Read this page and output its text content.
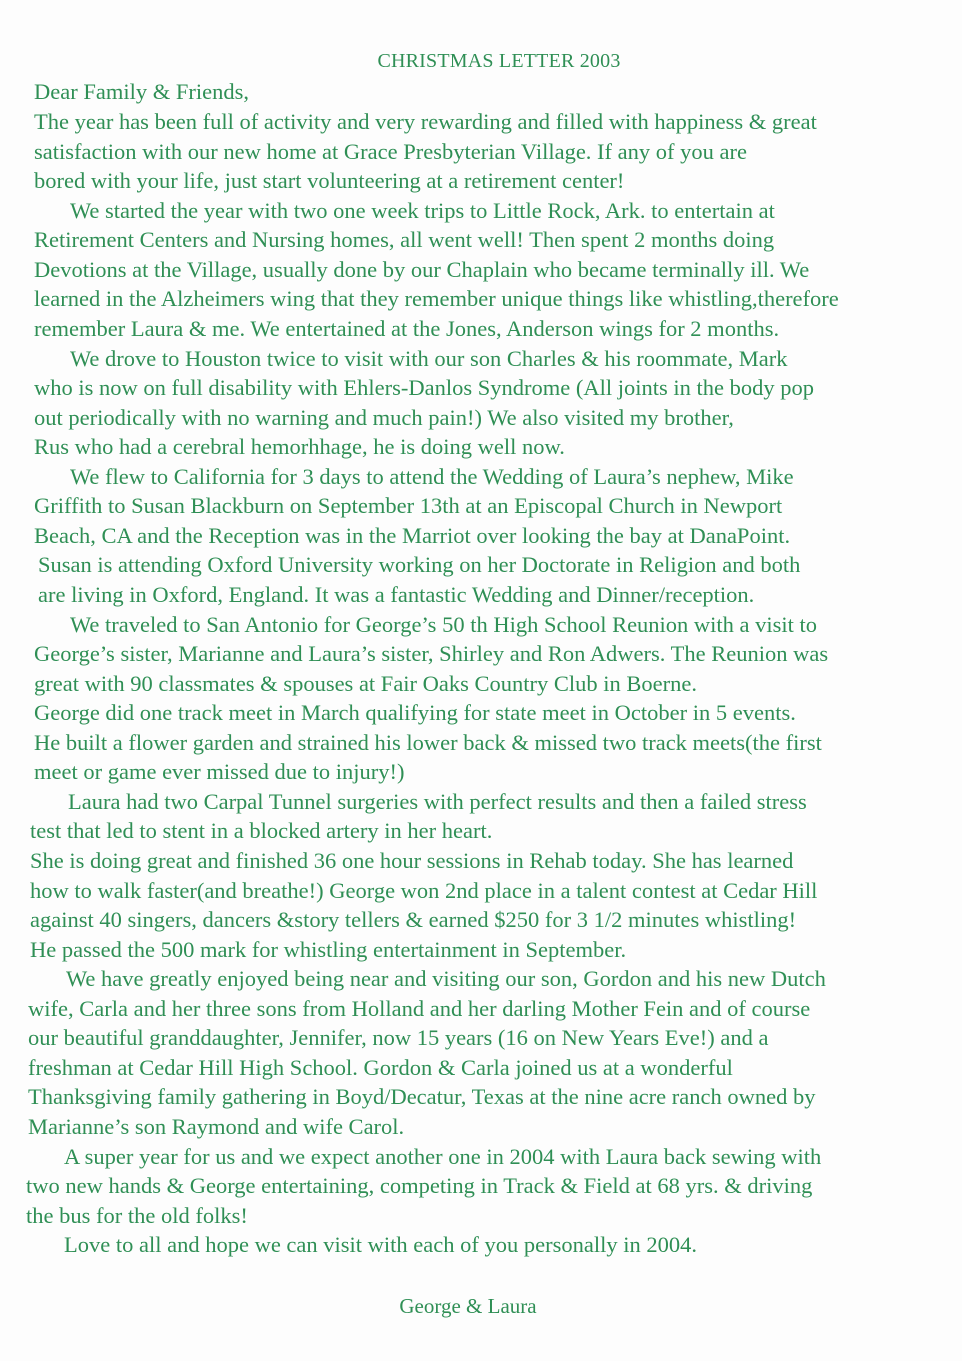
CHRISTMAS LETTER 2003
Dear Family & Friends,
The year has been full of activity and very rewarding and filled with happiness & great
satisfaction with our new home at Grace Presbyterian Village. If any of you are
bored with your life, just start volunteering at a retirement center!
We started the year with two one week trips to Little Rock, Ark. to entertain at
Retirement Centers and Nursing homes, all went well! Then spent 2 months doing
Devotions at the Village, usually done by our Chaplain who became terminally ill. We
learned in the Alzheimers wing that they remember unique things like whistling,therefore
remember Laura & me. We entertained at the Jones, Anderson wings for 2 months.
We drove to Houston twice to visit with our son Charles & his roommate, Mark
who is now on full disability with Ehlers-Danlos Syndrome (All joints in the body pop
out periodically with no warning and much pain!) We also visited my brother,
Rus who had a cerebral hemorhhage, he is doing well now.
We flew to California for 3 days to attend the Wedding of Laura’s nephew, Mike
Griffith to Susan Blackburn on September 13th at an Episcopal Church in Newport
Beach, CA and the Reception was in the Marriot over looking the bay at DanaPoint.
Susan is attending Oxford University working on her Doctorate in Religion and both
are living in Oxford, England. It was a fantastic Wedding and Dinner/reception.
We traveled to San Antonio for George’s 50 th High School Reunion with a visit to
George’s sister, Marianne and Laura’s sister, Shirley and Ron Adwers. The Reunion was
great with 90 classmates & spouses at Fair Oaks Country Club in Boerne.
George did one track meet in March qualifying for state meet in October in 5 events.
He built a flower garden and strained his lower back & missed two track meets(the first
meet or game ever missed due to injury!)
Laura had two Carpal Tunnel surgeries with perfect results and then a failed stress
test that led to stent in a blocked artery in her heart.
She is doing great and finished 36 one hour sessions in Rehab today. She has learned
how to walk faster(and breathe!) George won 2nd place in a talent contest at Cedar Hill
against 40 singers, dancers &story tellers & earned $250 for 3 1/2 minutes whistling!
He passed the 500 mark for whistling entertainment in September.
We have greatly enjoyed being near and visiting our son, Gordon and his new Dutch
wife, Carla and her three sons from Holland and her darling Mother Fein and of course
our beautiful granddaughter, Jennifer, now 15 years (16 on New Years Eve!) and a
freshman at Cedar Hill High School. Gordon & Carla joined us at a wonderful
Thanksgiving family gathering in Boyd/Decatur, Texas at the nine acre ranch owned by
Marianne’s son Raymond and wife Carol.
A super year for us and we expect another one in 2004 with Laura back sewing with
two new hands & George entertaining, competing in Track & Field at 68 yrs. & driving
the bus for the old folks!
Love to all and hope we can visit with each of you personally in 2004.
George & Laura
